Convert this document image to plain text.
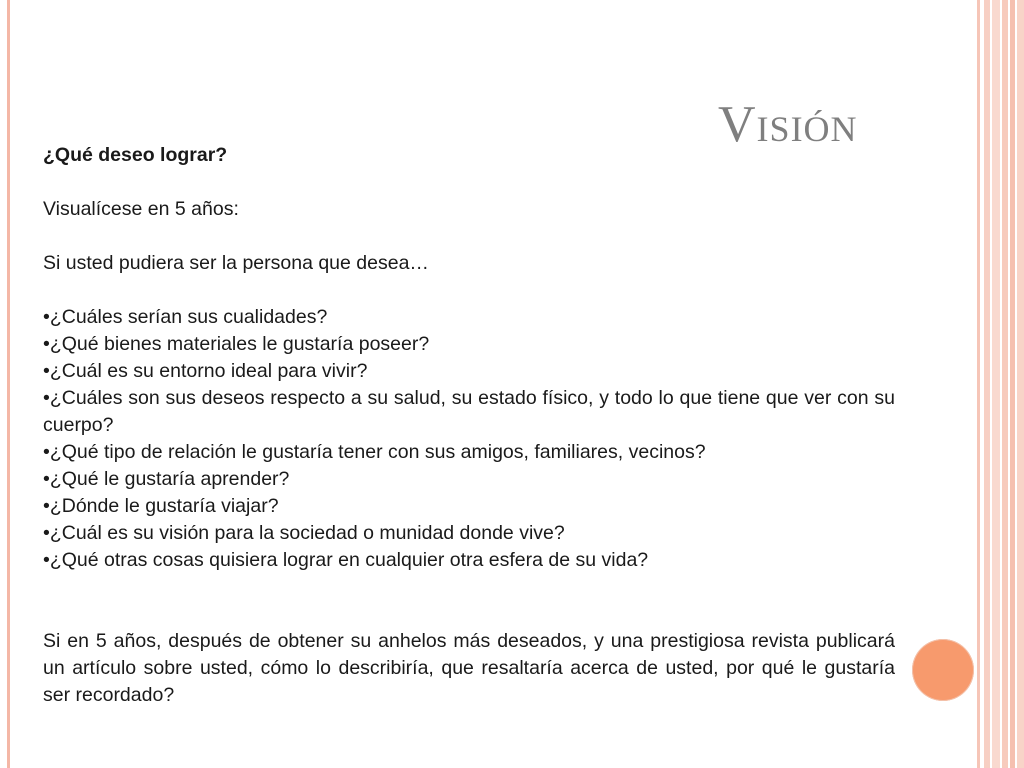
Visión

¿Qué deseo lograr?

Visualícese en 5 años:

Si usted pudiera ser la persona que desea…

• ¿Cuáles serían sus cualidades?

• ¿Qué bienes materiales le gustaría poseer?

• ¿Cuál es su entorno ideal para vivir?

• ¿Cuáles son sus deseos respecto a su salud, su estado físico, y todo lo que tiene que ver con su cuerpo?

• ¿Qué tipo de relación le gustaría tener con sus amigos, familiares, vecinos?

• ¿Qué le gustaría aprender?

• ¿Dónde le gustaría viajar?

• ¿Cuál es su visión para la sociedad o munidad donde vive?

• ¿Qué otras cosas quisiera lograr en cualquier otra esfera de su vida?

Si en 5 años, después de obtener su anhelos más deseados, y una prestigiosa revista publicará un artículo sobre usted, cómo lo describiría, que resaltaría acerca de usted, por qué le gustaría ser recordado?
